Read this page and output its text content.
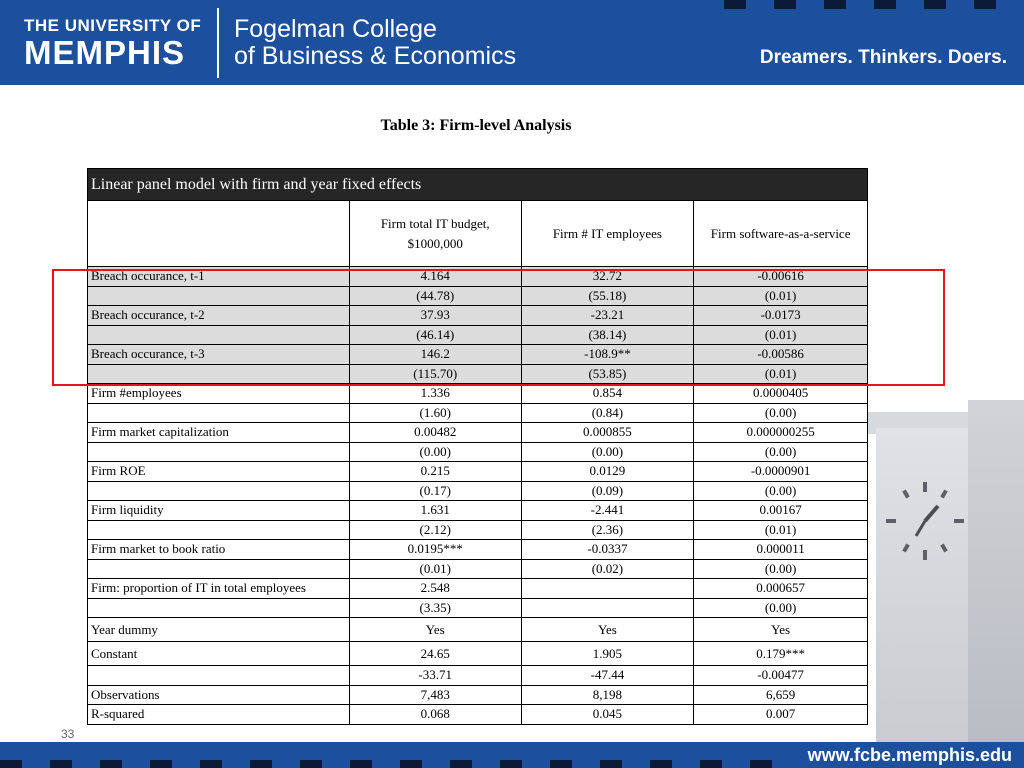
THE UNIVERSITY OF
MEMPHIS
Fogelman College
of Business & Economics	Dreamers. Thinkers. Doers.
Table 3: Firm-level Analysis
Linear panel model with firm and year fixed effects			
	Firm total IT budget, $1000,000	Firm # IT employees	Firm software-as-a-service
Breach occurance, t-1	4.164	32.72	-0.00616
	(44.78)	(55.18)	(0.01)
Breach occurance, t-2	37.93	-23.21	-0.0173
	(46.14)	(38.14)	(0.01)
Breach occurance, t-3	146.2	-108.9**	-0.00586
	(115.70)	(53.85)	(0.01)
Firm #employees	1.336	0.854	0.0000405
	(1.60)	(0.84)	(0.00)
Firm market capitalization	0.00482	0.000855	0.000000255
	(0.00)	(0.00)	(0.00)
Firm ROE	0.215	0.0129	-0.0000901
	(0.17)	(0.09)	(0.00)
Firm liquidity	1.631	-2.441	0.00167
	(2.12)	(2.36)	(0.01)
Firm market to book ratio	0.0195***	-0.0337	0.000011
	(0.01)	(0.02)	(0.00)
Firm: proportion of IT in total employees	2.548		0.000657
	(3.35)		(0.00)
Year dummy	Yes	Yes	Yes
Constant	24.65	1.905	0.179***
	-33.71	-47.44	-0.00477
Observations	7,483	8,198	6,659
R-squared	0.068	0.045	0.007
33
www.fcbe.memphis.edu
